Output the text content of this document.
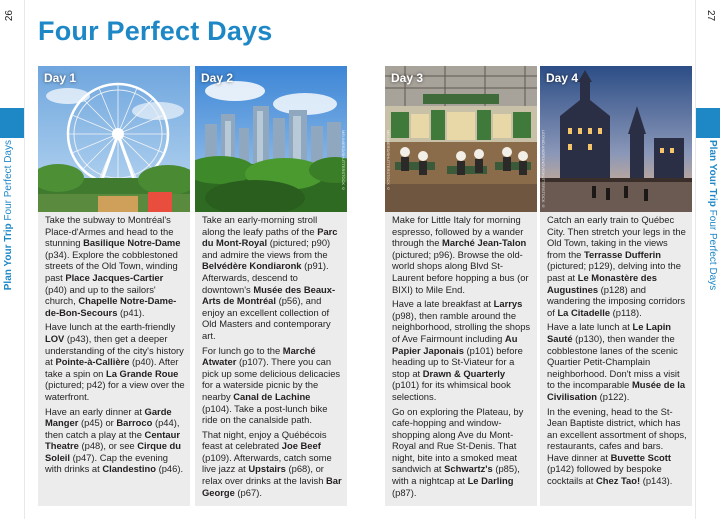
26	27
Plan Your Trip Four Perfect Days	Plan Your Trip Four Perfect Days
Four Perfect Days
Day 1

Take the subway to Montréal's Place-d'Armes and head to the stunning Basilique Notre-Dame (p34). Explore the cobblestoned streets of the Old Town, winding past Place Jacques-Cartier (p40) and up to the sailors' church, Chapelle Notre-Dame-de-Bon-Secours (p41).

Have lunch at the earth-friendly LOV (p43), then get a deeper understanding of the city's history at Pointe-à-Callière (p40). After take a spin on La Grande Roue (pictured; p42) for a view over the waterfront.

Have an early dinner at Garde Manger (p45) or Barroco (p44), then catch a play at the Centaur Theatre (p48), or see Cirque du Soleil (p47). Cap the evening with drinks at Clandestino (p46).

Day 2
MEUNIERD/SHUTTERSTOCK ©

Take an early-morning stroll along the leafy paths of the Parc du Mont-Royal (pictured; p90) and admire the views from the Belvédère Kondiaronk (p91). Afterwards, descend to downtown's Musée des Beaux-Arts de Montréal (p56), and enjoy an excellent collection of Old Masters and contemporary art.

For lunch go to the Marché Atwater (p107). There you can pick up some delicious delicacies for a waterside picnic by the nearby Canal de Lachine (p104). Take a post-lunch bike ride on the canalside path.

That night, enjoy a Québécois feast at celebrated Joe Beef (p109). Afterwards, catch some live jazz at Upstairs (p68), or relax over drinks at the lavish Bar George (p67).

Day 3
MEUNIERD/SHUTTERSTOCK ©

Make for Little Italy for morning espresso, followed by a wander through the Marché Jean-Talon (pictured; p96). Browse the old-world shops along Blvd St-Laurent before hopping a bus (or BIXI) to Mile End.

Have a late breakfast at Larrys (p98), then ramble around the neighborhood, strolling the shops of Ave Fairmount including Au Papier Japonais (p101) before heading up to St-Viateur for a stop at Drawn & Quarterly (p101) for its whimsical book selections.

Go on exploring the Plateau, by cafe-hopping and window-shopping along Ave du Mont-Royal and Rue St-Denis. That night, bite into a smoked meat sandwich at Schwartz's (p85), with a nightcap at Le Darling (p87).

Day 4
LEONID ANDRONOV/SHUTTERSTOCK ©

Catch an early train to Québec City. Then stretch your legs in the Old Town, taking in the views from the Terrasse Dufferin (pictured; p129), delving into the past at Le Monastère des Augustines (p128) and wandering the imposing corridors of La Citadelle (p118).

Have a late lunch at Le Lapin Sauté (p130), then wander the cobblestone lanes of the scenic Quartier Petit-Champlain neighborhood. Don't miss a visit to the incomparable Musée de la Civilisation (p122).

In the evening, head to the St-Jean Baptiste district, which has an excellent assortment of shops, restaurants, cafes and bars. Have dinner at Buvette Scott (p142) followed by bespoke cocktails at Chez Tao! (p143).
